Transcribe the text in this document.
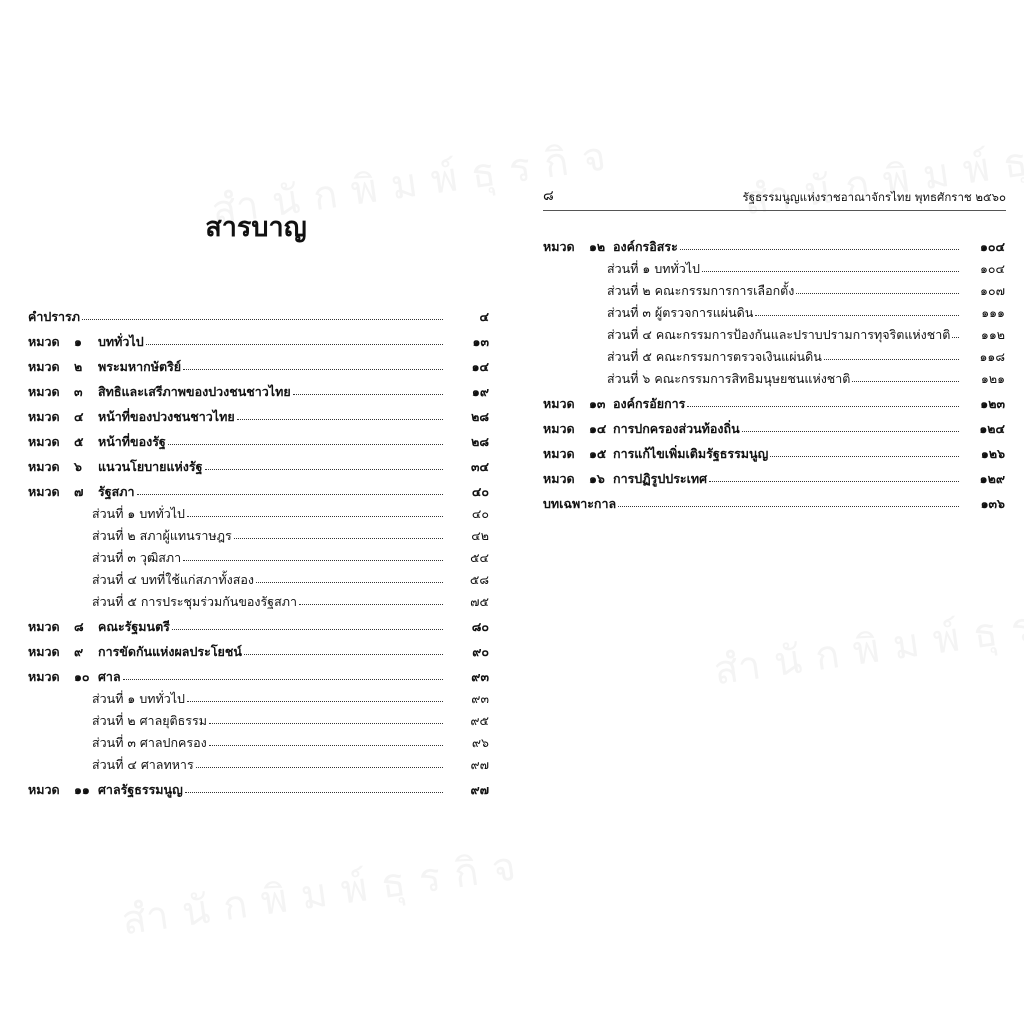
สารบาญ
คำปรารภ	๔
หมวด	๑	บททั่วไป	๑๓
หมวด	๒	พระมหากษัตริย์	๑๔
หมวด	๓	สิทธิและเสรีภาพของปวงชนชาวไทย	๑๙
หมวด	๔	หน้าที่ของปวงชนชาวไทย	๒๘
หมวด	๕	หน้าที่ของรัฐ	๒๘
หมวด	๖	แนวนโยบายแห่งรัฐ	๓๔
หมวด	๗	รัฐสภา	๔๐
ส่วนที่ ๑ บททั่วไป	๔๐
ส่วนที่ ๒ สภาผู้แทนราษฎร	๔๒
ส่วนที่ ๓ วุฒิสภา	๕๔
ส่วนที่ ๔ บทที่ใช้แก่สภาทั้งสอง	๕๘
ส่วนที่ ๕ การประชุมร่วมกันของรัฐสภา	๗๕
หมวด	๘	คณะรัฐมนตรี	๘๐
หมวด	๙	การขัดกันแห่งผลประโยชน์	๙๐
หมวด	๑๐ ศาล	๙๓
ส่วนที่ ๑ บททั่วไป	๙๓
ส่วนที่ ๒ ศาลยุติธรรม	๙๕
ส่วนที่ ๓ ศาลปกครอง	๙๖
ส่วนที่ ๔ ศาลทหาร	๙๗
หมวด	๑๑ ศาลรัฐธรรมนูญ	๙๗
๘	รัฐธรรมนูญแห่งราชอาณาจักรไทย พุทธศักราช ๒๕๖๐
หมวด	๑๒ องค์กรอิสระ	๑๐๔
ส่วนที่ ๑ บททั่วไป	๑๐๔
ส่วนที่ ๒ คณะกรรมการการเลือกตั้ง	๑๐๗
ส่วนที่ ๓ ผู้ตรวจการแผ่นดิน	๑๑๑
ส่วนที่ ๔ คณะกรรมการป้องกันและปราบปรามการทุจริตแห่งชาติ ๑๑๒
ส่วนที่ ๕ คณะกรรมการตรวจเงินแผ่นดิน	๑๑๘
ส่วนที่ ๖ คณะกรรมการสิทธิมนุษยชนแห่งชาติ	๑๒๑
หมวด	๑๓ องค์กรอัยการ	๑๒๓
หมวด	๑๔ การปกครองส่วนท้องถิ่น	๑๒๔
หมวด	๑๕ การแก้ไขเพิ่มเติมรัฐธรรมนูญ	๑๒๖
หมวด	๑๖ การปฏิรูปประเทศ	๑๒๙
บทเฉพาะกาล	๑๓๖
